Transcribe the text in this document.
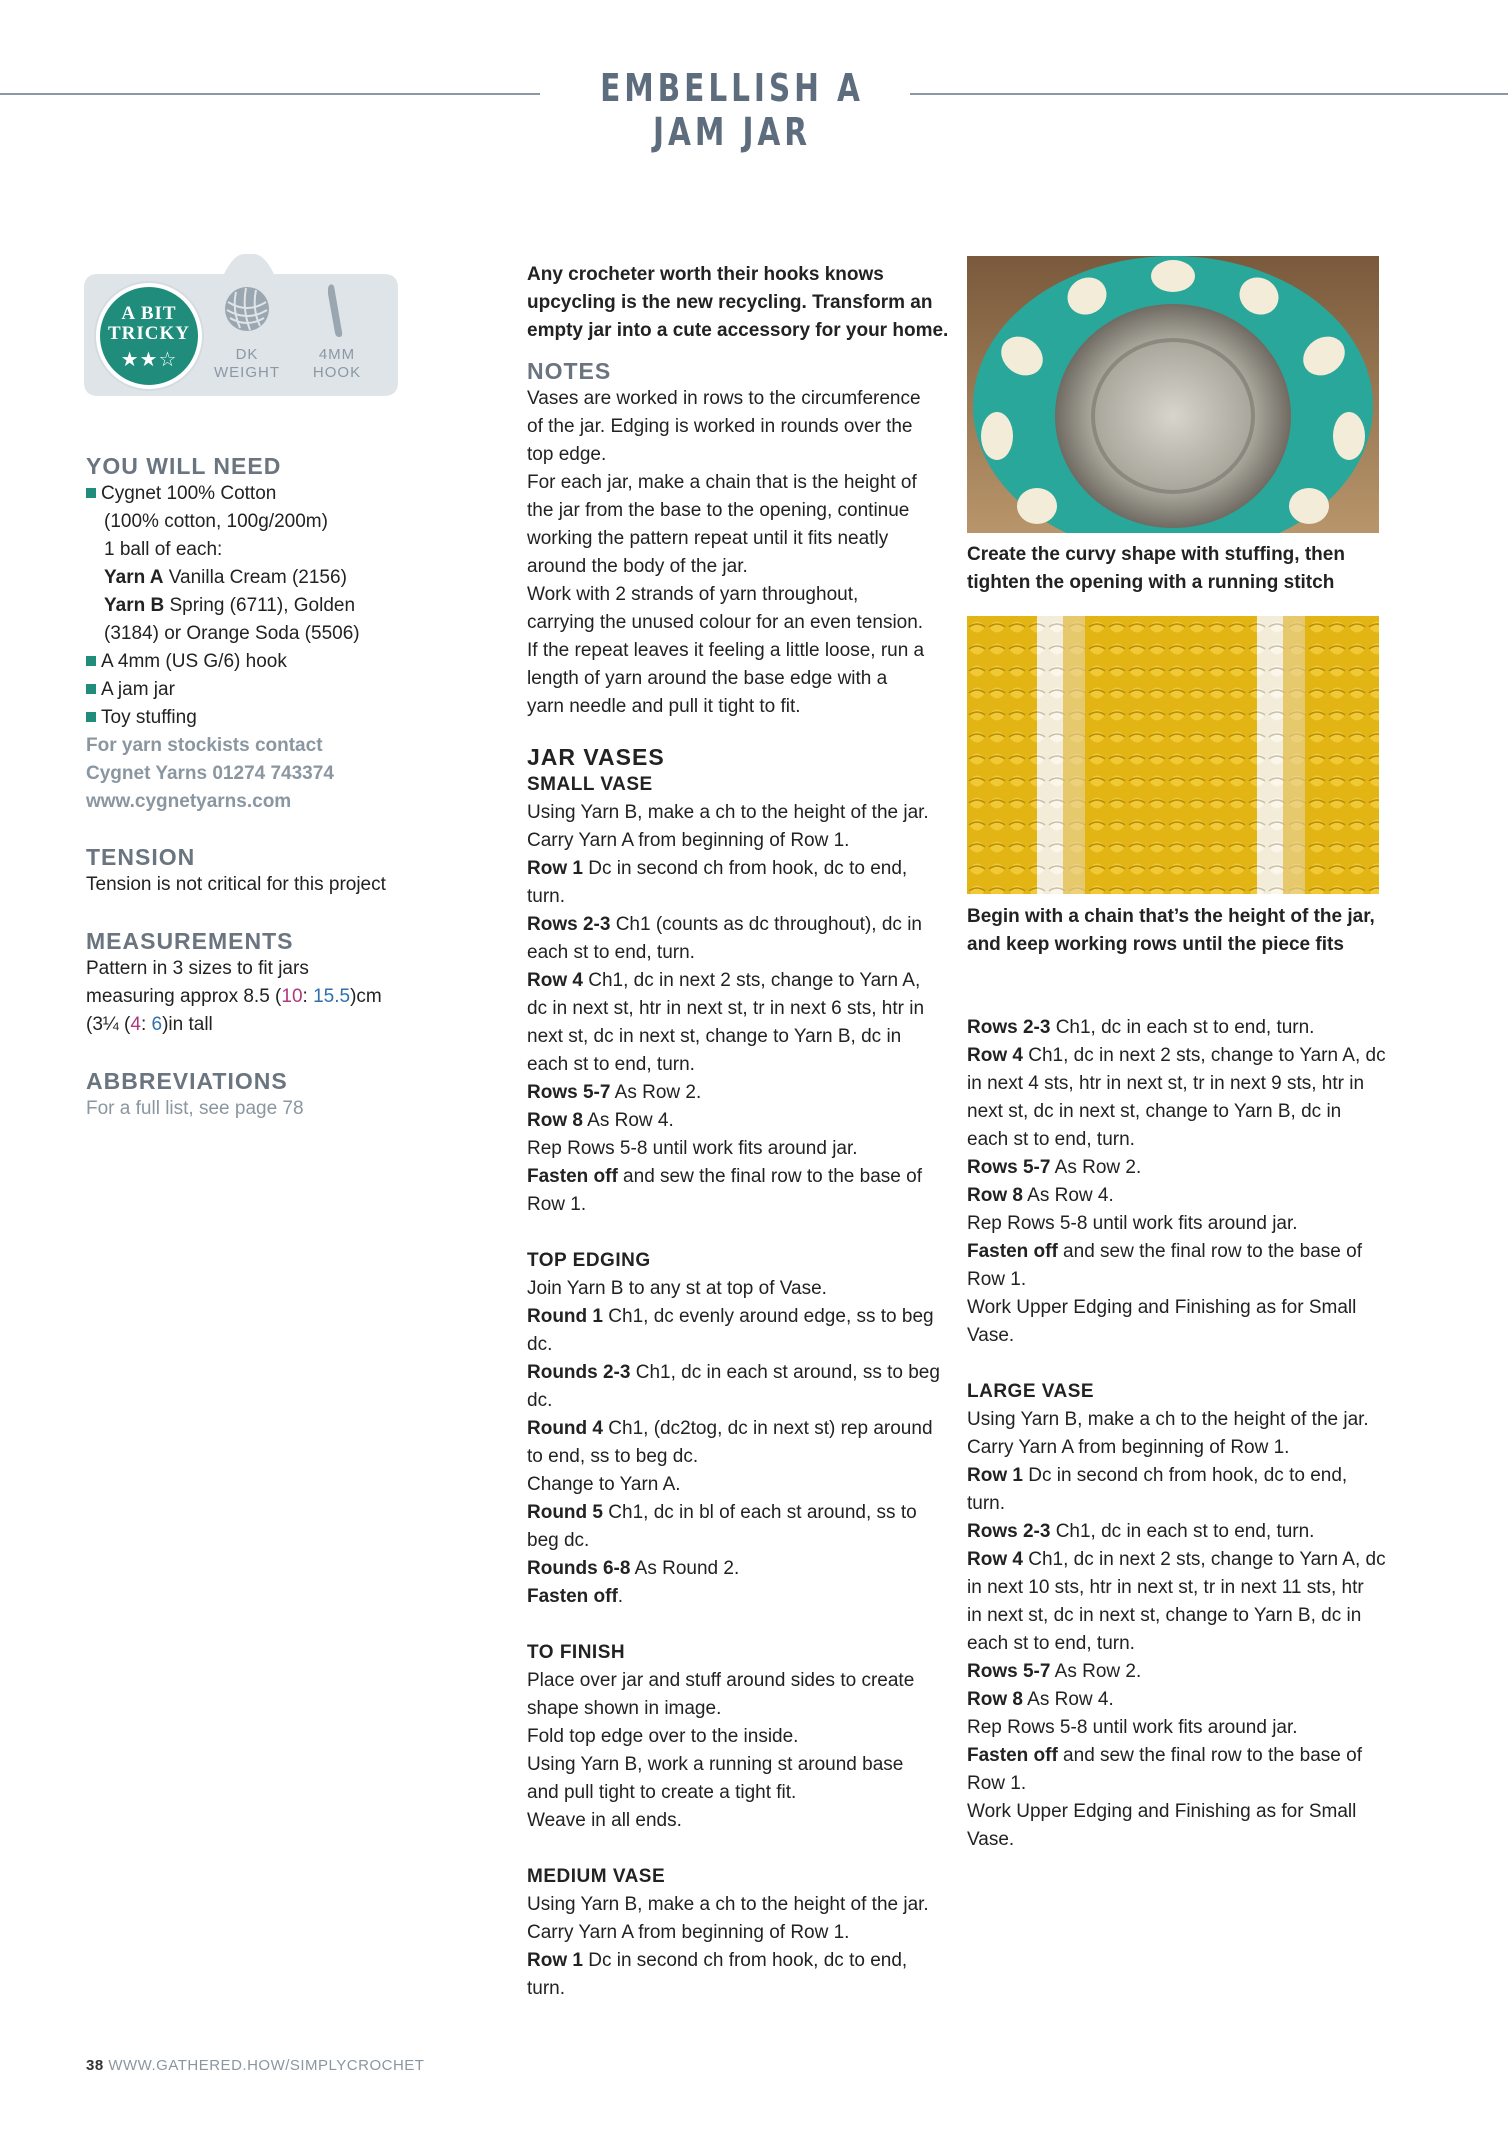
EMBELLISH A JAM JAR
A BIT
TRICKY
★★☆	DK
WEIGHT
4MM
HOOK
YOU WILL NEED
Cygnet 100% Cotton
(100% cotton, 100g/200m)
1 ball of each:
Yarn A Vanilla Cream (2156)
Yarn B Spring (6711), Golden
(3184) or Orange Soda (5506)
A 4mm (US G/6) hook
A jam jar
Toy stuffing
For yarn stockists contact
Cygnet Yarns 01274 743374
www.cygnetyarns.com
TENSION
Tension is not critical for this project
MEASUREMENTS
Pattern in 3 sizes to fit jars
measuring approx 8.5 (10: 15.5)cm
(3¼ (4: 6)in tall
ABBREVIATIONS
For a full list, see page 78
Any crocheter worth their hooks knows
upcycling is the new recycling. Transform an
empty jar into a cute accessory for your home.

NOTES

Vases are worked in rows to the circumference
of the jar. Edging is worked in rounds over the
top edge.
For each jar, make a chain that is the height of
the jar from the base to the opening, continue
working the pattern repeat until it fits neatly
around the body of the jar.
Work with 2 strands of yarn throughout,
carrying the unused colour for an even tension.
If the repeat leaves it feeling a little loose, run a
length of yarn around the base edge with a
yarn needle and pull it tight to fit.

JAR VASES

SMALL VASE

Using Yarn B, make a ch to the height of the jar.
Carry Yarn A from beginning of Row 1.
Row 1 Dc in second ch from hook, dc to end,
turn.
Rows 2-3 Ch1 (counts as dc throughout), dc in
each st to end, turn.
Row 4 Ch1, dc in next 2 sts, change to Yarn A,
dc in next st, htr in next st, tr in next 6 sts, htr in
next st, dc in next st, change to Yarn B, dc in
each st to end, turn.
Rows 5-7 As Row 2.
Row 8 As Row 4.
Rep Rows 5-8 until work fits around jar.
Fasten off and sew the final row to the base of
Row 1.

TOP EDGING

Join Yarn B to any st at top of Vase.
Round 1 Ch1, dc evenly around edge, ss to beg
dc.
Rounds 2-3 Ch1, dc in each st around, ss to beg
dc.
Round 4 Ch1, (dc2tog, dc in next st) rep around
to end, ss to beg dc.
Change to Yarn A.
Round 5 Ch1, dc in bl of each st around, ss to
beg dc.
Rounds 6-8 As Round 2.
Fasten off.

TO FINISH

Place over jar and stuff around sides to create
shape shown in image.
Fold top edge over to the inside.
Using Yarn B, work a running st around base
and pull tight to create a tight fit.
Weave in all ends.

MEDIUM VASE

Using Yarn B, make a ch to the height of the jar.
Carry Yarn A from beginning of Row 1.
Row 1 Dc in second ch from hook, dc to end,
turn.
Create the curvy shape with stuffing, then
tighten the opening with a running stitch
Begin with a chain that’s the height of the jar,
and keep working rows until the piece fits
Rows 2-3 Ch1, dc in each st to end, turn.
Row 4 Ch1, dc in next 2 sts, change to Yarn A, dc
in next 4 sts, htr in next st, tr in next 9 sts, htr in
next st, dc in next st, change to Yarn B, dc in
each st to end, turn.
Rows 5-7 As Row 2.
Row 8 As Row 4.
Rep Rows 5-8 until work fits around jar.
Fasten off and sew the final row to the base of
Row 1.
Work Upper Edging and Finishing as for Small
Vase.

LARGE VASE

Using Yarn B, make a ch to the height of the jar.
Carry Yarn A from beginning of Row 1.
Row 1 Dc in second ch from hook, dc to end,
turn.
Rows 2-3 Ch1, dc in each st to end, turn.
Row 4 Ch1, dc in next 2 sts, change to Yarn A, dc
in next 10 sts, htr in next st, tr in next 11 sts, htr
in next st, dc in next st, change to Yarn B, dc in
each st to end, turn.
Rows 5-7 As Row 2.
Row 8 As Row 4.
Rep Rows 5-8 until work fits around jar.
Fasten off and sew the final row to the base of
Row 1.
Work Upper Edging and Finishing as for Small
Vase.
38 WWW.GATHERED.HOW/SIMPLYCROCHET
